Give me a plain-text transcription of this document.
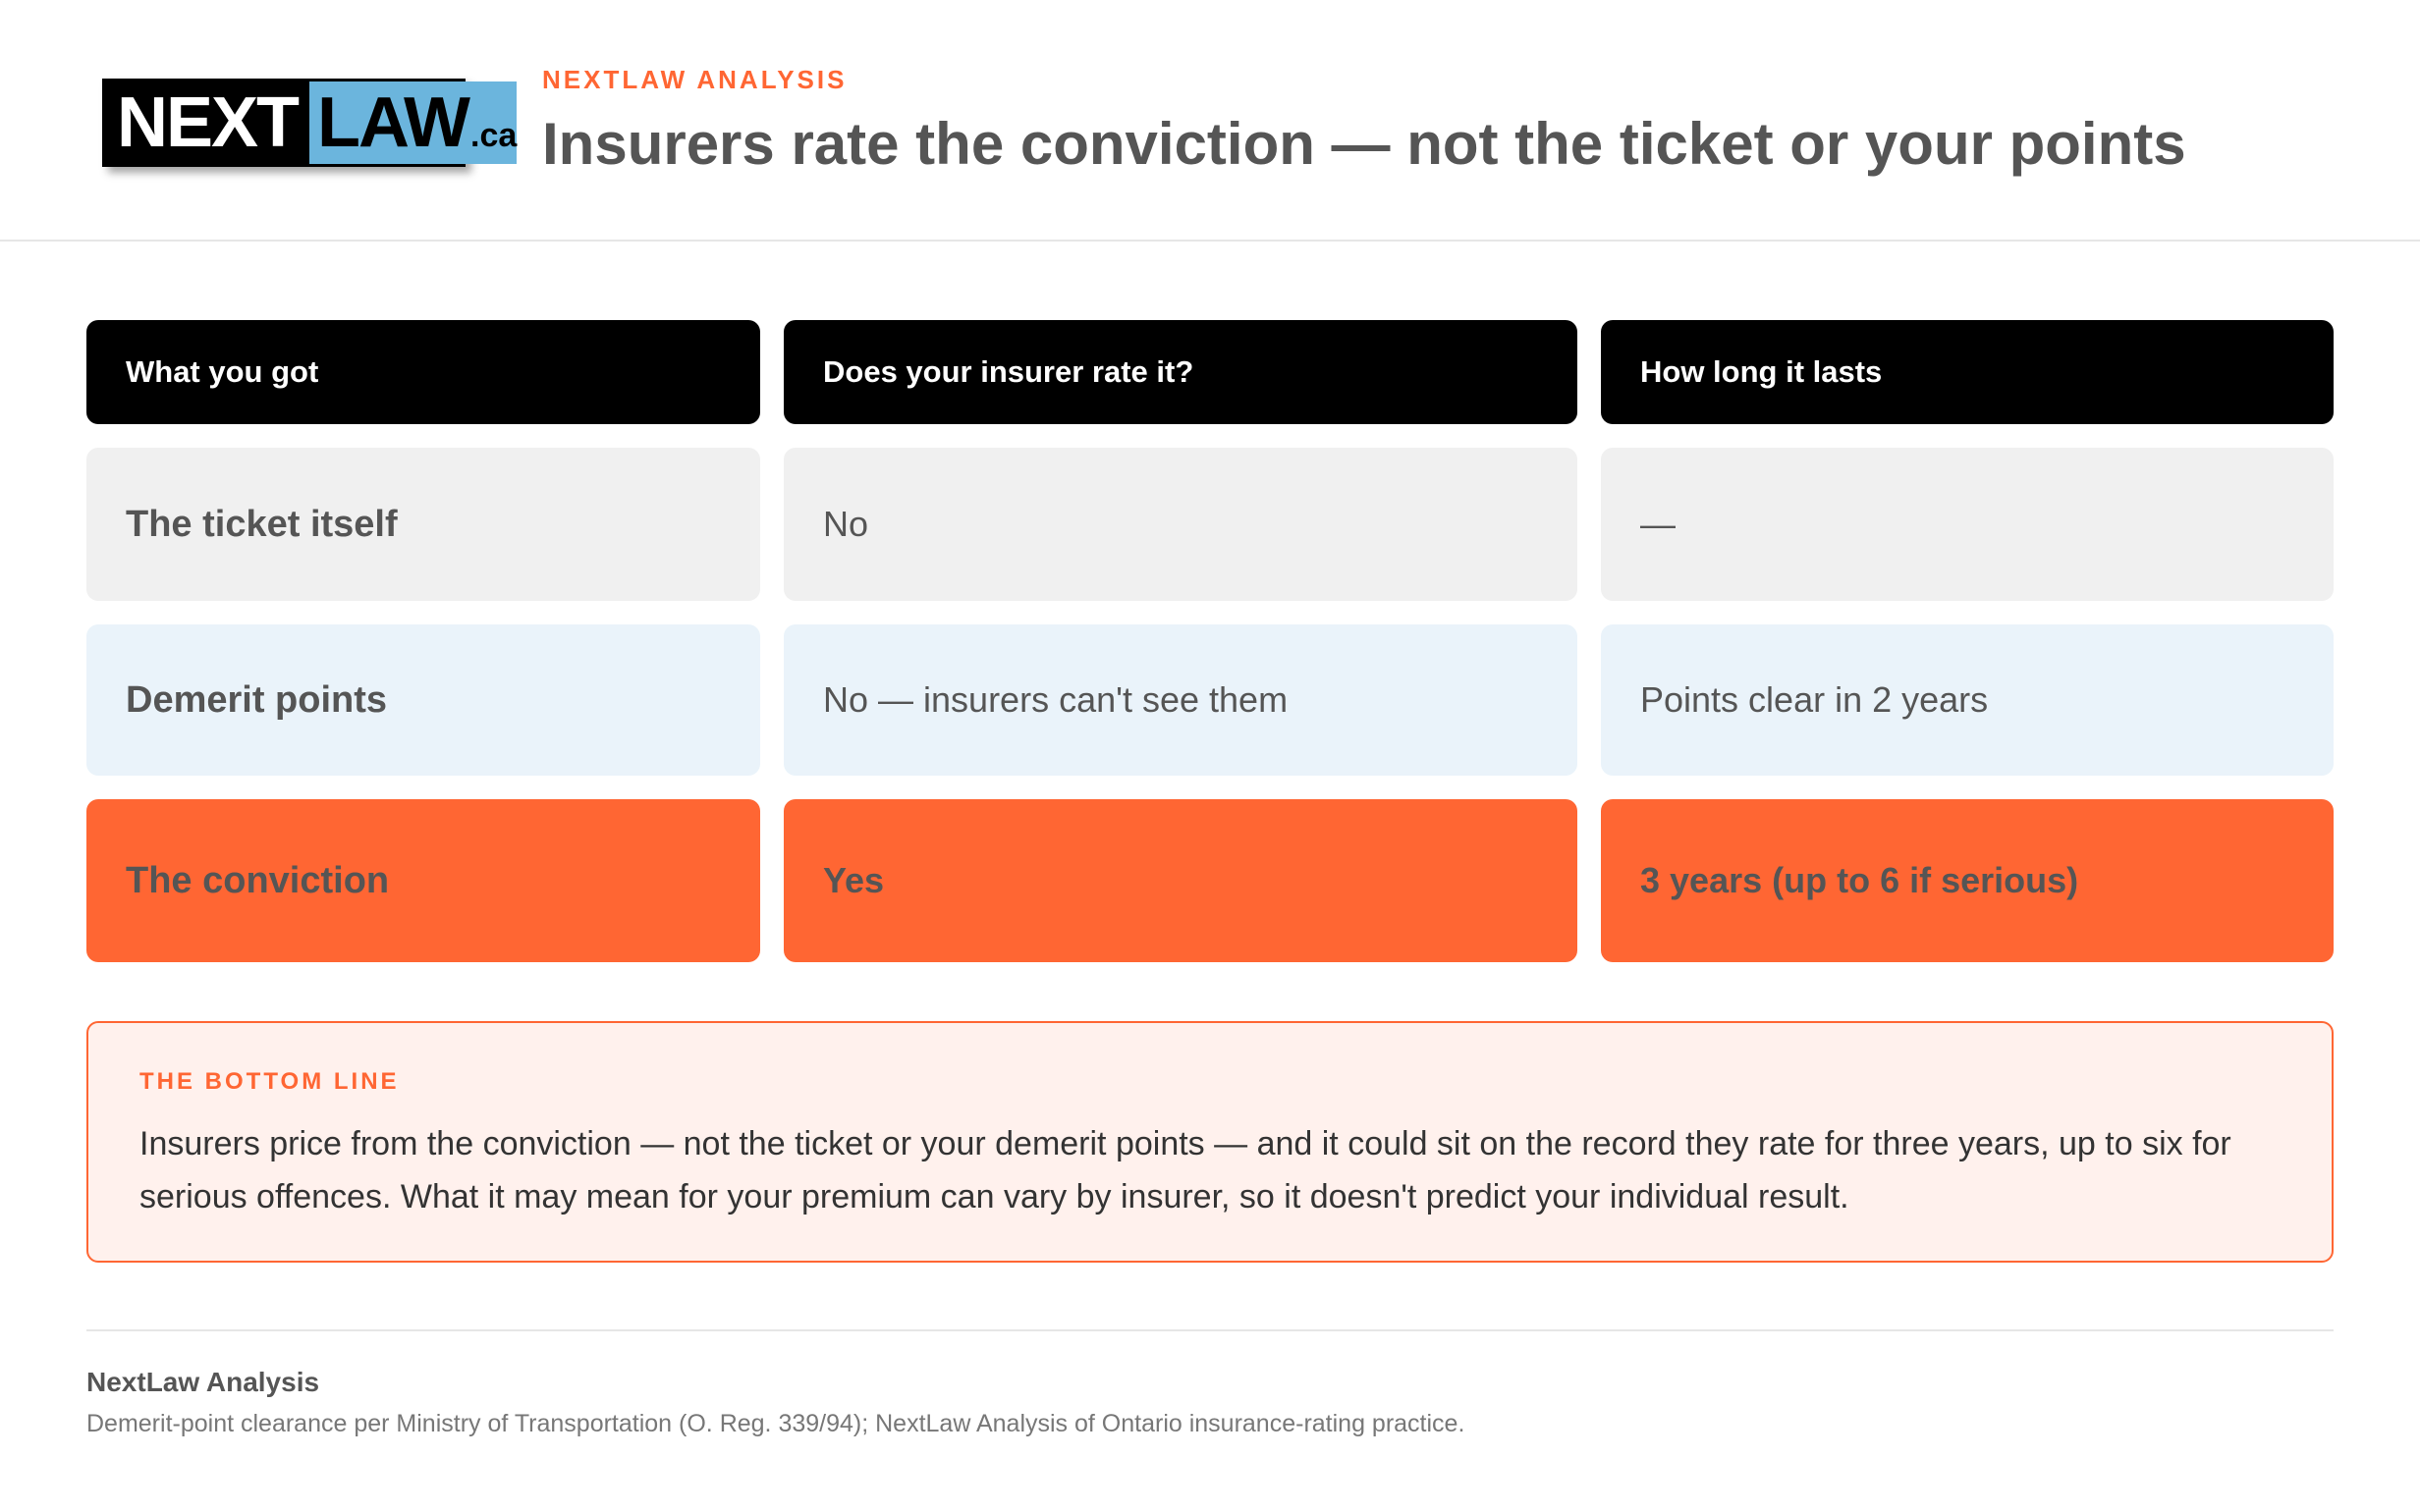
NEXT LAW .ca
NEXTLAW ANALYSIS
Insurers rate the conviction — not the ticket or your points
What you got	Does your insurer rate it?	How long it lasts
The ticket itself	No	—
Demerit points	No — insurers can't see them	Points clear in 2 years
The conviction	Yes	3 years (up to 6 if serious)
THE BOTTOM LINE
Insurers price from the conviction — not the ticket or your demerit points — and it could sit on the record they rate for three years, up to six for serious offences. What it may mean for your premium can vary by insurer, so it doesn't predict your individual result.
NextLaw Analysis
Demerit-point clearance per Ministry of Transportation (O. Reg. 339/94); NextLaw Analysis of Ontario insurance-rating practice.
